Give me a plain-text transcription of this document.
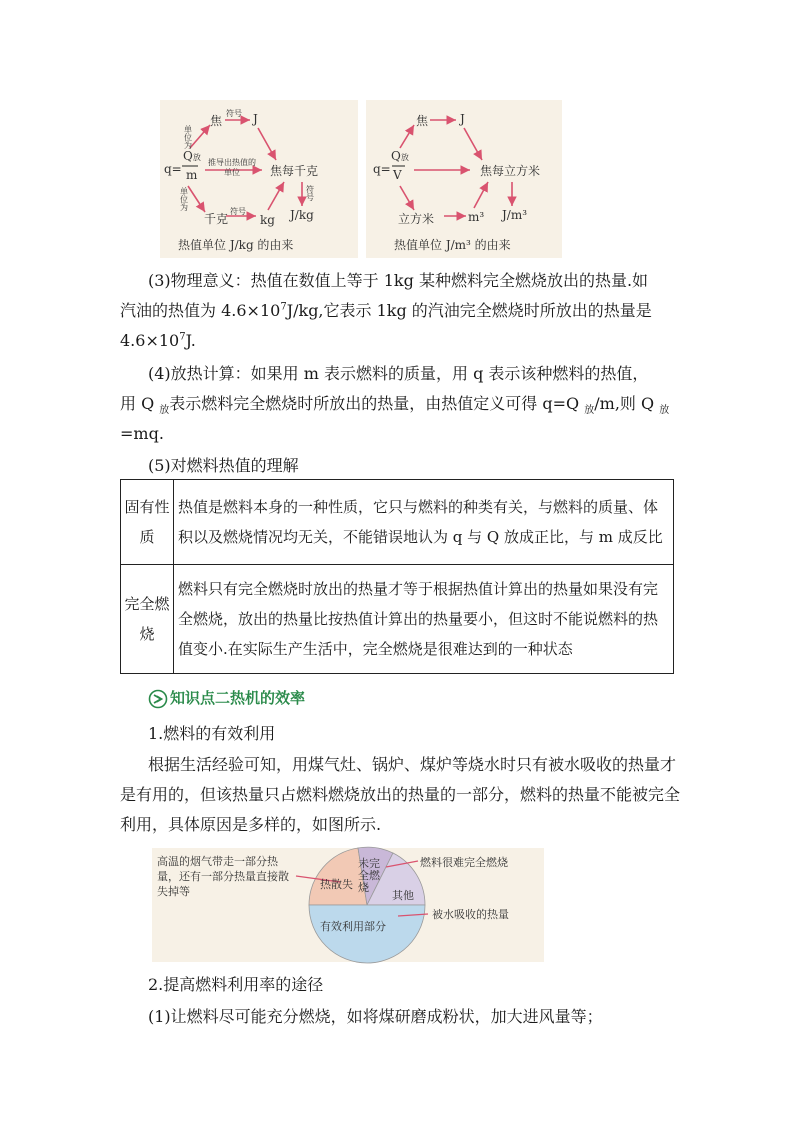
q=
Q放
m
焦	J
焦每千克
千克	kg J/kg
符号
符号
符号
单位为
单位为
推导出热值的单位
热值单位 J/kg 的由来
q=
Q放
V
焦	J
焦每立方米
立方米	m³ J/m³
热值单位 J/m³ 的由来
(3)物理意义：热值在数值上等于 1kg 某种燃料完全燃烧放出的热量.如
汽油的热值为 $4.6\times 10^7J/kg$,它表示 1kg 的汽油完全燃烧时所放出的热量是
$4.6\times 10^7J$.
(4)放热计算：如果用 m 表示燃料的质量，用 q 表示该种燃料的热值，
用 Q $_放$表示燃料完全燃烧时所放出的热量，由热值定义可得 q=Q $_放$/m,则 Q $_放$
=mq.
(5)对燃料热值的理解
固有性质	热值是燃料本身的一种性质，它只与燃料的种类有关，与燃料的质量、体积以及燃烧情况均无关，不能错误地认为 q 与 Q 放成正比，与 m 成反比
完全燃烧	燃料只有完全燃烧时放出的热量才等于根据热值计算出的热量如果没有完全燃烧，放出的热量比按热值计算出的热量要小，但这时不能说燃料的热值变小.在实际生产生活中，完全燃烧是很难达到的一种状态
知识点二热机的效率
1.燃料的有效利用
根据生活经验可知，用煤气灶、锅炉、煤炉等烧水时只有被水吸收的热量才是有用的，但该热量只占燃料燃烧放出的热量的一部分，燃料的热量不能被完全利用，具体原因是多样的，如图所示.
高温的烟气带走一部分热量，还有一部分热量直接散失掉等
热散失
未完全燃烧
其他
有效利用部分
燃料很难完全燃烧
被水吸收的热量
2.提高燃料利用率的途径
(1)让燃料尽可能充分燃烧，如将煤研磨成粉状，加大进风量等；
